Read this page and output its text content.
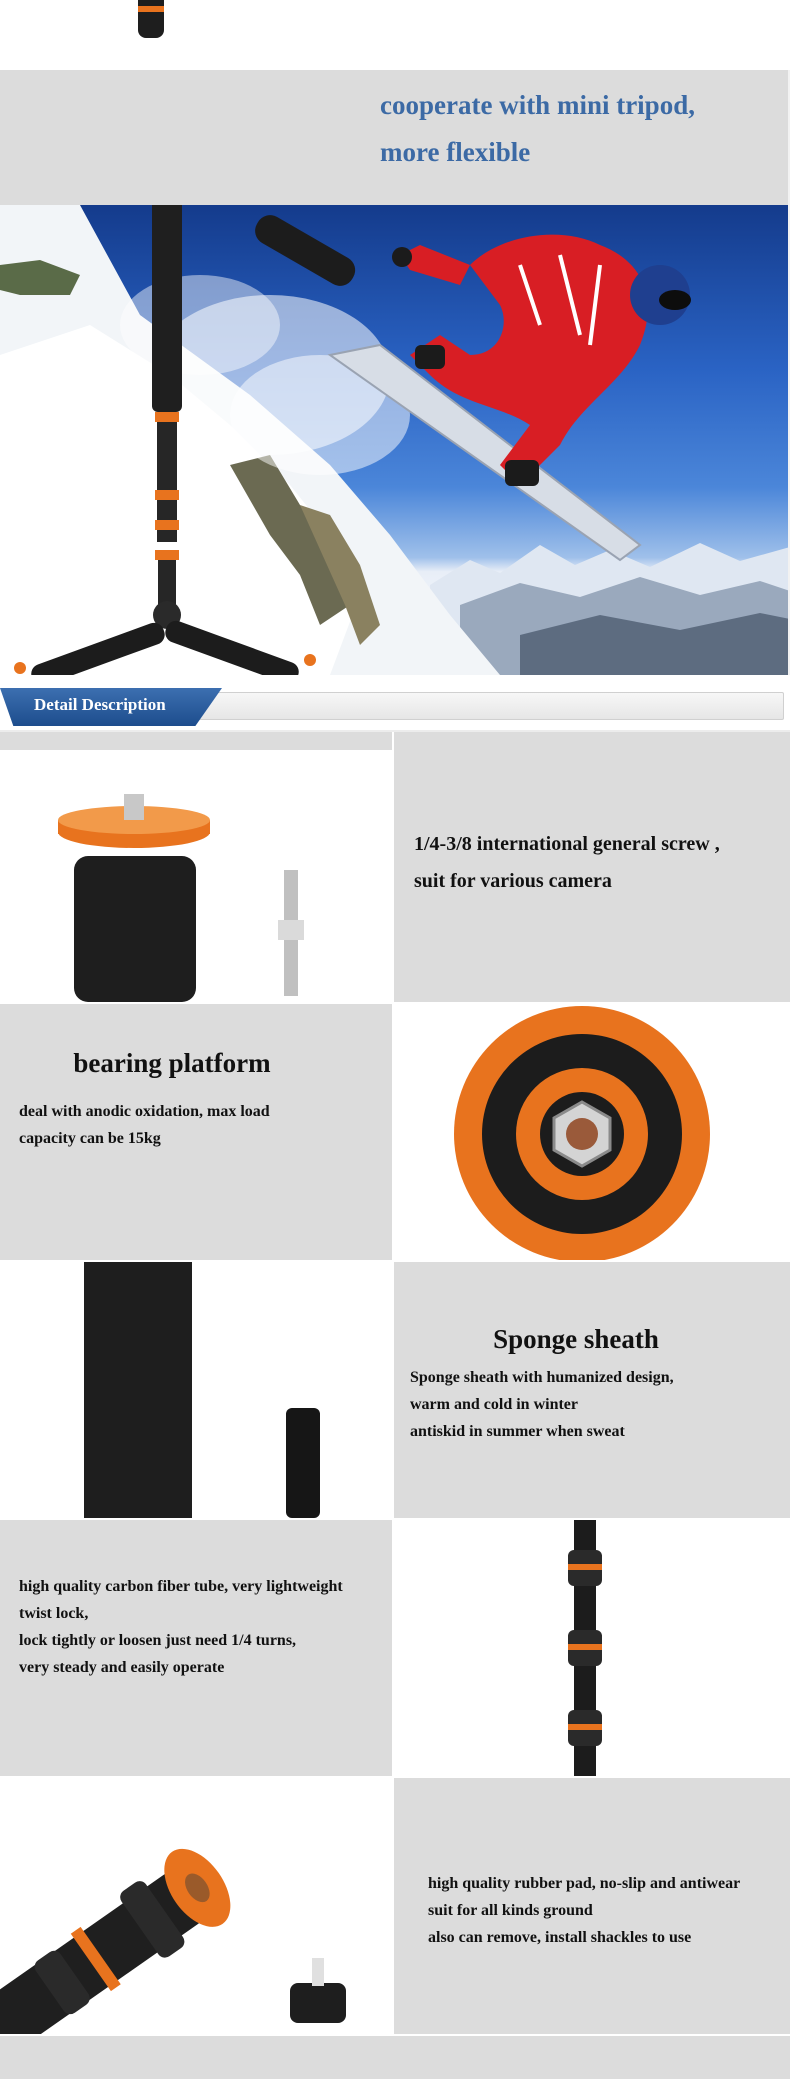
cooperate with mini tripod,
more flexible
Detail Description
1/4-3/8 international general screw ,
suit for various camera
bearing platform
deal with anodic oxidation, max load
capacity can be 15kg
Sponge sheath
Sponge sheath with humanized design,
warm and cold in winter
antiskid in summer when sweat
high quality carbon fiber tube, very lightweight
twist lock,
lock tightly or loosen just need 1/4 turns,
very steady and easily operate
high quality rubber pad, no-slip and antiwear
suit for all kinds ground
also can remove, install shackles to use
